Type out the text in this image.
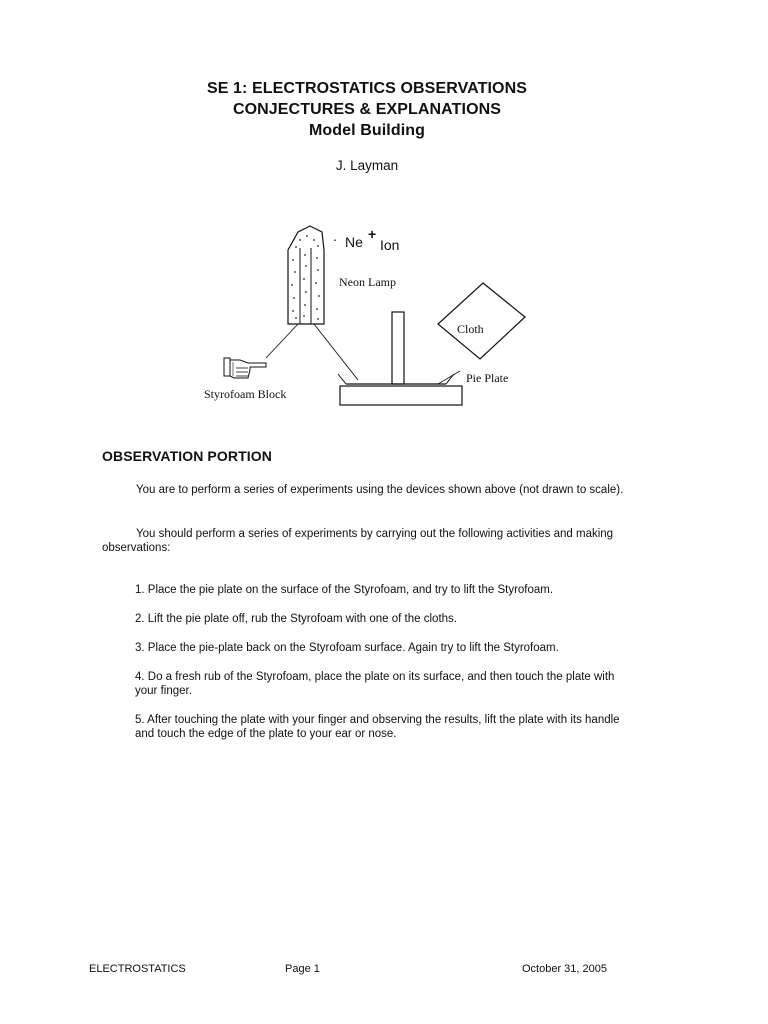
SE 1: ELECTROSTATICS OBSERVATIONS
CONJECTURES & EXPLANATIONS
Model Building
J. Layman
. Ne +
Ion
Neon Lamp
Cloth
Pie Plate
Styrofoam Block
OBSERVATION PORTION
You are to perform a series of experiments using the devices shown above (not drawn to scale).
You should perform a series of experiments by carrying out the following activities and making observations:
1. Place the pie plate on the surface of the Styrofoam, and try to lift the Styrofoam.
2. Lift the pie plate off, rub the Styrofoam with one of the cloths.
3. Place the pie-plate back on the Styrofoam surface. Again try to lift the Styrofoam.
4. Do a fresh rub of the Styrofoam, place the plate on its surface, and then touch the plate with your finger.
5. After touching the plate with your finger and observing the results, lift the plate with its handle and touch the edge of the plate to your ear or nose.
ELECTROSTATICS	Page 1	October 31, 2005
